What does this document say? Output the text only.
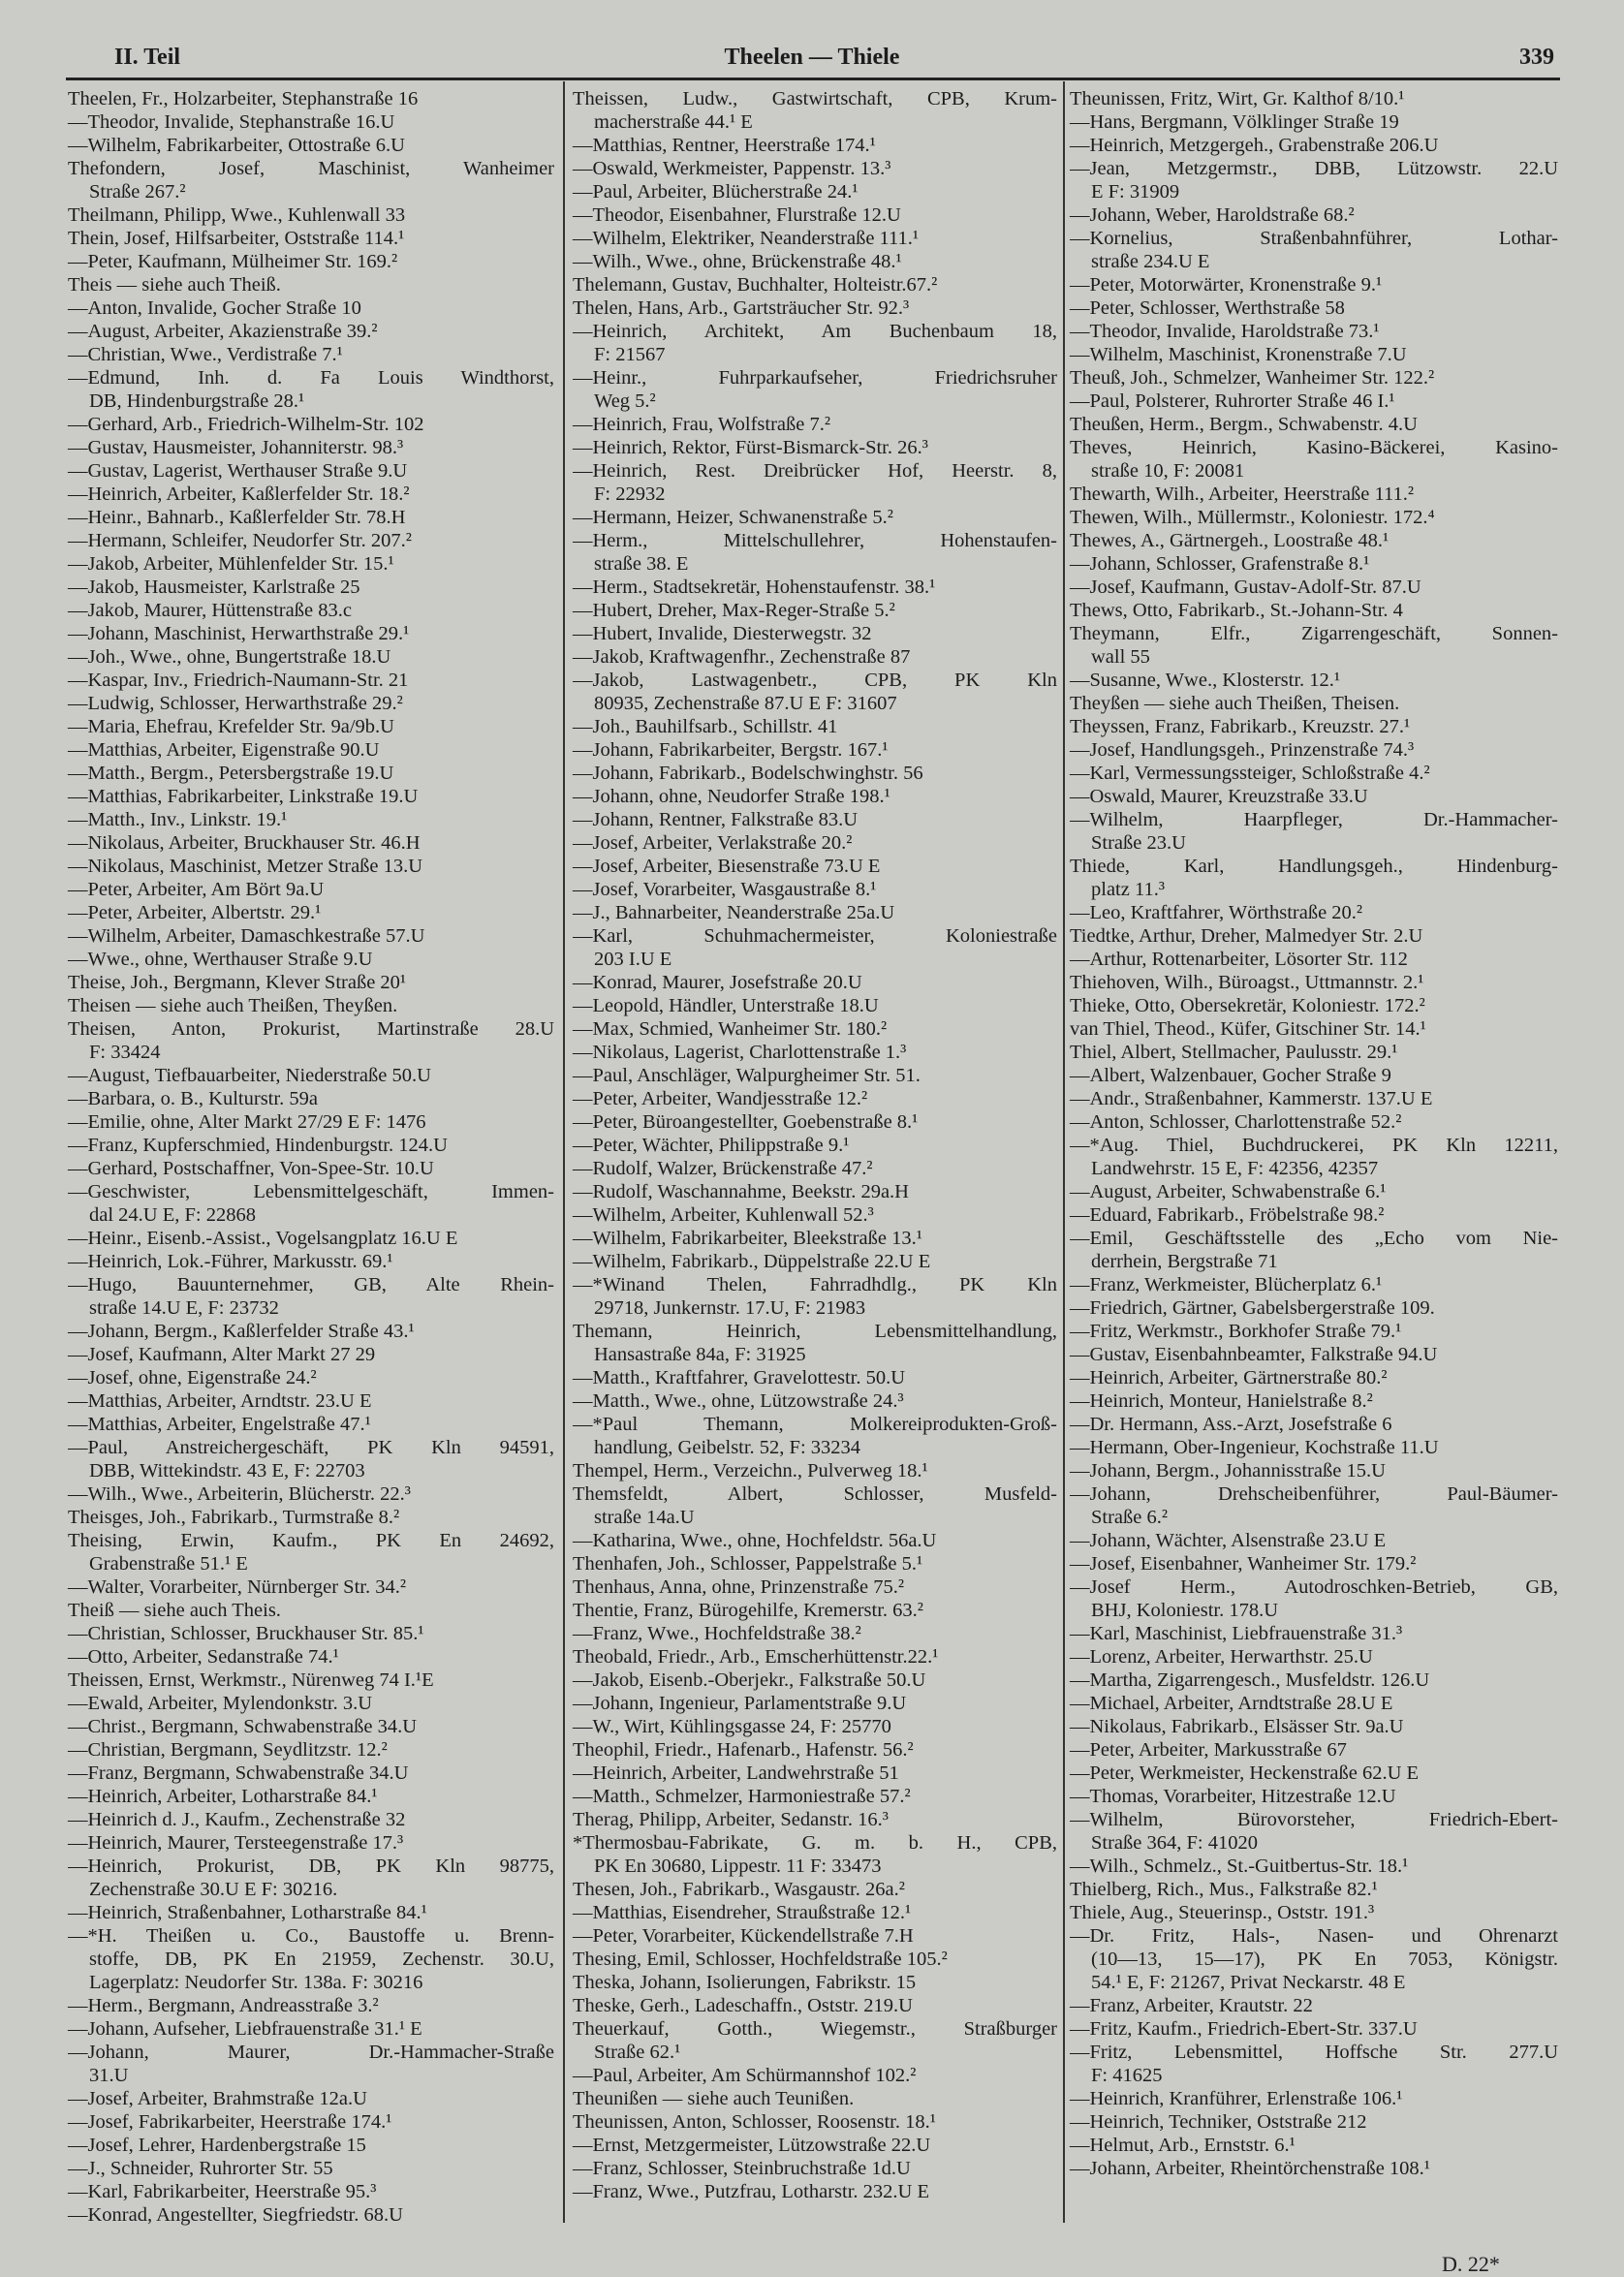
II. Teil	Theelen — Thiele	339
Theelen, Fr., Holzarbeiter, Stephanstraße 16
—Theodor, Invalide, Stephanstraße 16.U
—Wilhelm, Fabrikarbeiter, Ottostraße 6.U
Thefondern, Josef, Maschinist, Wanheimer
Straße 267.²
Theilmann, Philipp, Wwe., Kuhlenwall 33
Thein, Josef, Hilfsarbeiter, Oststraße 114.¹
—Peter, Kaufmann, Mülheimer Str. 169.²
Theis — siehe auch Theiß.
—Anton, Invalide, Gocher Straße 10
—August, Arbeiter, Akazienstraße 39.²
—Christian, Wwe., Verdistraße 7.¹
—Edmund, Inh. d. Fa Louis Windthorst,
DB, Hindenburgstraße 28.¹
—Gerhard, Arb., Friedrich-Wilhelm-Str. 102
—Gustav, Hausmeister, Johanniterstr. 98.³
—Gustav, Lagerist, Werthauser Straße 9.U
—Heinrich, Arbeiter, Kaßlerfelder Str. 18.²
—Heinr., Bahnarb., Kaßlerfelder Str. 78.H
—Hermann, Schleifer, Neudorfer Str. 207.²
—Jakob, Arbeiter, Mühlenfelder Str. 15.¹
—Jakob, Hausmeister, Karlstraße 25
—Jakob, Maurer, Hüttenstraße 83.c
—Johann, Maschinist, Herwarthstraße 29.¹
—Joh., Wwe., ohne, Bungertstraße 18.U
—Kaspar, Inv., Friedrich-Naumann-Str. 21
—Ludwig, Schlosser, Herwarthstraße 29.²
—Maria, Ehefrau, Krefelder Str. 9a/9b.U
—Matthias, Arbeiter, Eigenstraße 90.U
—Matth., Bergm., Petersbergstraße 19.U
—Matthias, Fabrikarbeiter, Linkstraße 19.U
—Matth., Inv., Linkstr. 19.¹
—Nikolaus, Arbeiter, Bruckhauser Str. 46.H
—Nikolaus, Maschinist, Metzer Straße 13.U
—Peter, Arbeiter, Am Bört 9a.U
—Peter, Arbeiter, Albertstr. 29.¹
—Wilhelm, Arbeiter, Damaschkestraße 57.U
—Wwe., ohne, Werthauser Straße 9.U
Theise, Joh., Bergmann, Klever Straße 20¹
Theisen — siehe auch Theißen, Theyßen.
Theisen, Anton, Prokurist, Martinstraße 28.U
F: 33424
—August, Tiefbauarbeiter, Niederstraße 50.U
—Barbara, o. B., Kulturstr. 59a
—Emilie, ohne, Alter Markt 27/29 E F: 1476
—Franz, Kupferschmied, Hindenburgstr. 124.U
—Gerhard, Postschaffner, Von-Spee-Str. 10.U
—Geschwister, Lebensmittelgeschäft, Immen-
dal 24.U E, F: 22868
—Heinr., Eisenb.-Assist., Vogelsangplatz 16.U E
—Heinrich, Lok.-Führer, Markusstr. 69.¹
—Hugo, Bauunternehmer, GB, Alte Rhein-
straße 14.U E, F: 23732
—Johann, Bergm., Kaßlerfelder Straße 43.¹
—Josef, Kaufmann, Alter Markt 27 29
—Josef, ohne, Eigenstraße 24.²
—Matthias, Arbeiter, Arndtstr. 23.U E
—Matthias, Arbeiter, Engelstraße 47.¹
—Paul, Anstreichergeschäft, PK Kln 94591,
DBB, Wittekindstr. 43 E, F: 22703
—Wilh., Wwe., Arbeiterin, Blücherstr. 22.³
Theisges, Joh., Fabrikarb., Turmstraße 8.²
Theising, Erwin, Kaufm., PK En 24692,
Grabenstraße 51.¹ E
—Walter, Vorarbeiter, Nürnberger Str. 34.²
Theiß — siehe auch Theis.
—Christian, Schlosser, Bruckhauser Str. 85.¹
—Otto, Arbeiter, Sedanstraße 74.¹
Theissen, Ernst, Werkmstr., Nürenweg 74 I.¹E
—Ewald, Arbeiter, Mylendonkstr. 3.U
—Christ., Bergmann, Schwabenstraße 34.U
—Christian, Bergmann, Seydlitzstr. 12.²
—Franz, Bergmann, Schwabenstraße 34.U
—Heinrich, Arbeiter, Lotharstraße 84.¹
—Heinrich d. J., Kaufm., Zechenstraße 32
—Heinrich, Maurer, Tersteegenstraße 17.³
—Heinrich, Prokurist, DB, PK Kln 98775,
Zechenstraße 30.U E F: 30216.
—Heinrich, Straßenbahner, Lotharstraße 84.¹
—*H. Theißen u. Co., Baustoffe u. Brenn-
stoffe, DB, PK En 21959, Zechenstr. 30.U,
Lagerplatz: Neudorfer Str. 138a. F: 30216
—Herm., Bergmann, Andreasstraße 3.²
—Johann, Aufseher, Liebfrauenstraße 31.¹ E
—Johann, Maurer, Dr.-Hammacher-Straße
31.U
—Josef, Arbeiter, Brahmstraße 12a.U
—Josef, Fabrikarbeiter, Heerstraße 174.¹
—Josef, Lehrer, Hardenbergstraße 15
—J., Schneider, Ruhrorter Str. 55
—Karl, Fabrikarbeiter, Heerstraße 95.³
—Konrad, Angestellter, Siegfriedstr. 68.U
Theissen, Ludw., Gastwirtschaft, CPB, Krum-
macherstraße 44.¹ E
—Matthias, Rentner, Heerstraße 174.¹
—Oswald, Werkmeister, Pappenstr. 13.³
—Paul, Arbeiter, Blücherstraße 24.¹
—Theodor, Eisenbahner, Flurstraße 12.U
—Wilhelm, Elektriker, Neanderstraße 111.¹
—Wilh., Wwe., ohne, Brückenstraße 48.¹
Thelemann, Gustav, Buchhalter, Holteistr.67.²
Thelen, Hans, Arb., Gartsträucher Str. 92.³
—Heinrich, Architekt, Am Buchenbaum 18,
F: 21567
—Heinr., Fuhrparkaufseher, Friedrichsruher
Weg 5.²
—Heinrich, Frau, Wolfstraße 7.²
—Heinrich, Rektor, Fürst-Bismarck-Str. 26.³
—Heinrich, Rest. Dreibrücker Hof, Heerstr. 8,
F: 22932
—Hermann, Heizer, Schwanenstraße 5.²
—Herm., Mittelschullehrer, Hohenstaufen-
straße 38. E
—Herm., Stadtsekretär, Hohenstaufenstr. 38.¹
—Hubert, Dreher, Max-Reger-Straße 5.²
—Hubert, Invalide, Diesterwegstr. 32
—Jakob, Kraftwagenfhr., Zechenstraße 87
—Jakob, Lastwagenbetr., CPB, PK Kln
80935, Zechenstraße 87.U E F: 31607
—Joh., Bauhilfsarb., Schillstr. 41
—Johann, Fabrikarbeiter, Bergstr. 167.¹
—Johann, Fabrikarb., Bodelschwinghstr. 56
—Johann, ohne, Neudorfer Straße 198.¹
—Johann, Rentner, Falkstraße 83.U
—Josef, Arbeiter, Verlakstraße 20.²
—Josef, Arbeiter, Biesenstraße 73.U E
—Josef, Vorarbeiter, Wasgaustraße 8.¹
—J., Bahnarbeiter, Neanderstraße 25a.U
—Karl, Schuhmachermeister, Koloniestraße
203 I.U E
—Konrad, Maurer, Josefstraße 20.U
—Leopold, Händler, Unterstraße 18.U
—Max, Schmied, Wanheimer Str. 180.²
—Nikolaus, Lagerist, Charlottenstraße 1.³
—Paul, Anschläger, Walpurgheimer Str. 51.
—Peter, Arbeiter, Wandjesstraße 12.²
—Peter, Büroangestellter, Goebenstraße 8.¹
—Peter, Wächter, Philippstraße 9.¹
—Rudolf, Walzer, Brückenstraße 47.²
—Rudolf, Waschannahme, Beekstr. 29a.H
—Wilhelm, Arbeiter, Kuhlenwall 52.³
—Wilhelm, Fabrikarbeiter, Bleekstraße 13.¹
—Wilhelm, Fabrikarb., Düppelstraße 22.U E
—*Winand Thelen, Fahrradhdlg., PK Kln
29718, Junkernstr. 17.U, F: 21983
Themann, Heinrich, Lebensmittelhandlung,
Hansastraße 84a, F: 31925
—Matth., Kraftfahrer, Gravelottestr. 50.U
—Matth., Wwe., ohne, Lützowstraße 24.³
—*Paul Themann, Molkereiprodukten-Groß-
handlung, Geibelstr. 52, F: 33234
Thempel, Herm., Verzeichn., Pulverweg 18.¹
Themsfeldt, Albert, Schlosser, Musfeld-
straße 14a.U
—Katharina, Wwe., ohne, Hochfeldstr. 56a.U
Thenhafen, Joh., Schlosser, Pappelstraße 5.¹
Thenhaus, Anna, ohne, Prinzenstraße 75.²
Thentie, Franz, Bürogehilfe, Kremerstr. 63.²
—Franz, Wwe., Hochfeldstraße 38.²
Theobald, Friedr., Arb., Emscherhüttenstr.22.¹
—Jakob, Eisenb.-Oberjekr., Falkstraße 50.U
—Johann, Ingenieur, Parlamentstraße 9.U
—W., Wirt, Kühlingsgasse 24, F: 25770
Theophil, Friedr., Hafenarb., Hafenstr. 56.²
—Heinrich, Arbeiter, Landwehrstraße 51
—Matth., Schmelzer, Harmoniestraße 57.²
Therag, Philipp, Arbeiter, Sedanstr. 16.³
*Thermosbau-Fabrikate, G. m. b. H., CPB,
PK En 30680, Lippestr. 11 F: 33473
Thesen, Joh., Fabrikarb., Wasgaustr. 26a.²
—Matthias, Eisendreher, Straußstraße 12.¹
—Peter, Vorarbeiter, Kückendellstraße 7.H
Thesing, Emil, Schlosser, Hochfeldstraße 105.²
Theska, Johann, Isolierungen, Fabrikstr. 15
Theske, Gerh., Ladeschaffn., Oststr. 219.U
Theuerkauf, Gotth., Wiegemstr., Straßburger
Straße 62.¹
—Paul, Arbeiter, Am Schürmannshof 102.²
Theunißen — siehe auch Teunißen.
Theunissen, Anton, Schlosser, Roosenstr. 18.¹
—Ernst, Metzgermeister, Lützowstraße 22.U
—Franz, Schlosser, Steinbruchstraße 1d.U
—Franz, Wwe., Putzfrau, Lotharstr. 232.U E
Theunissen, Fritz, Wirt, Gr. Kalthof 8/10.¹
—Hans, Bergmann, Völklinger Straße 19
—Heinrich, Metzgergeh., Grabenstraße 206.U
—Jean, Metzgermstr., DBB, Lützowstr. 22.U
E F: 31909
—Johann, Weber, Haroldstraße 68.²
—Kornelius, Straßenbahnführer, Lothar-
straße 234.U E
—Peter, Motorwärter, Kronenstraße 9.¹
—Peter, Schlosser, Werthstraße 58
—Theodor, Invalide, Haroldstraße 73.¹
—Wilhelm, Maschinist, Kronenstraße 7.U
Theuß, Joh., Schmelzer, Wanheimer Str. 122.²
—Paul, Polsterer, Ruhrorter Straße 46 I.¹
Theußen, Herm., Bergm., Schwabenstr. 4.U
Theves, Heinrich, Kasino-Bäckerei, Kasino-
straße 10, F: 20081
Thewarth, Wilh., Arbeiter, Heerstraße 111.²
Thewen, Wilh., Müllermstr., Koloniestr. 172.⁴
Thewes, A., Gärtnergeh., Loostraße 48.¹
—Johann, Schlosser, Grafenstraße 8.¹
—Josef, Kaufmann, Gustav-Adolf-Str. 87.U
Thews, Otto, Fabrikarb., St.-Johann-Str. 4
Theymann, Elfr., Zigarrengeschäft, Sonnen-
wall 55
—Susanne, Wwe., Klosterstr. 12.¹
Theyßen — siehe auch Theißen, Theisen.
Theyssen, Franz, Fabrikarb., Kreuzstr. 27.¹
—Josef, Handlungsgeh., Prinzenstraße 74.³
—Karl, Vermessungssteiger, Schloßstraße 4.²
—Oswald, Maurer, Kreuzstraße 33.U
—Wilhelm, Haarpfleger, Dr.-Hammacher-
Straße 23.U
Thiede, Karl, Handlungsgeh., Hindenburg-
platz 11.³
—Leo, Kraftfahrer, Wörthstraße 20.²
Tiedtke, Arthur, Dreher, Malmedyer Str. 2.U
—Arthur, Rottenarbeiter, Lösorter Str. 112
Thiehoven, Wilh., Büroagst., Uttmannstr. 2.¹
Thieke, Otto, Obersekretär, Koloniestr. 172.²
van Thiel, Theod., Küfer, Gitschiner Str. 14.¹
Thiel, Albert, Stellmacher, Paulusstr. 29.¹
—Albert, Walzenbauer, Gocher Straße 9
—Andr., Straßenbahner, Kammerstr. 137.U E
—Anton, Schlosser, Charlottenstraße 52.²
—*Aug. Thiel, Buchdruckerei, PK Kln 12211,
Landwehrstr. 15 E, F: 42356, 42357
—August, Arbeiter, Schwabenstraße 6.¹
—Eduard, Fabrikarb., Fröbelstraße 98.²
—Emil, Geschäftsstelle des „Echo vom Nie-
derrhein, Bergstraße 71
—Franz, Werkmeister, Blücherplatz 6.¹
—Friedrich, Gärtner, Gabelsbergerstraße 109.
—Fritz, Werkmstr., Borkhofer Straße 79.¹
—Gustav, Eisenbahnbeamter, Falkstraße 94.U
—Heinrich, Arbeiter, Gärtnerstraße 80.²
—Heinrich, Monteur, Hanielstraße 8.²
—Dr. Hermann, Ass.-Arzt, Josefstraße 6
—Hermann, Ober-Ingenieur, Kochstraße 11.U
—Johann, Bergm., Johannisstraße 15.U
—Johann, Drehscheibenführer, Paul-Bäumer-
Straße 6.²
—Johann, Wächter, Alsenstraße 23.U E
—Josef, Eisenbahner, Wanheimer Str. 179.²
—Josef Herm., Autodroschken-Betrieb, GB,
BHJ, Koloniestr. 178.U
—Karl, Maschinist, Liebfrauenstraße 31.³
—Lorenz, Arbeiter, Herwarthstr. 25.U
—Martha, Zigarrengesch., Musfeldstr. 126.U
—Michael, Arbeiter, Arndtstraße 28.U E
—Nikolaus, Fabrikarb., Elsässer Str. 9a.U
—Peter, Arbeiter, Markusstraße 67
—Peter, Werkmeister, Heckenstraße 62.U E
—Thomas, Vorarbeiter, Hitzestraße 12.U
—Wilhelm, Bürovorsteher, Friedrich-Ebert-
Straße 364, F: 41020
—Wilh., Schmelz., St.-Guitbertus-Str. 18.¹
Thielberg, Rich., Mus., Falkstraße 82.¹
Thiele, Aug., Steuerinsp., Oststr. 191.³
—Dr. Fritz, Hals-, Nasen- und Ohrenarzt
(10—13, 15—17), PK En 7053, Königstr.
54.¹ E, F: 21267, Privat Neckarstr. 48 E
—Franz, Arbeiter, Krautstr. 22
—Fritz, Kaufm., Friedrich-Ebert-Str. 337.U
—Fritz, Lebensmittel, Hoffsche Str. 277.U
F: 41625
—Heinrich, Kranführer, Erlenstraße 106.¹
—Heinrich, Techniker, Oststraße 212
—Helmut, Arb., Ernststr. 6.¹
—Johann, Arbeiter, Rheintörchenstraße 108.¹
D. 22*
